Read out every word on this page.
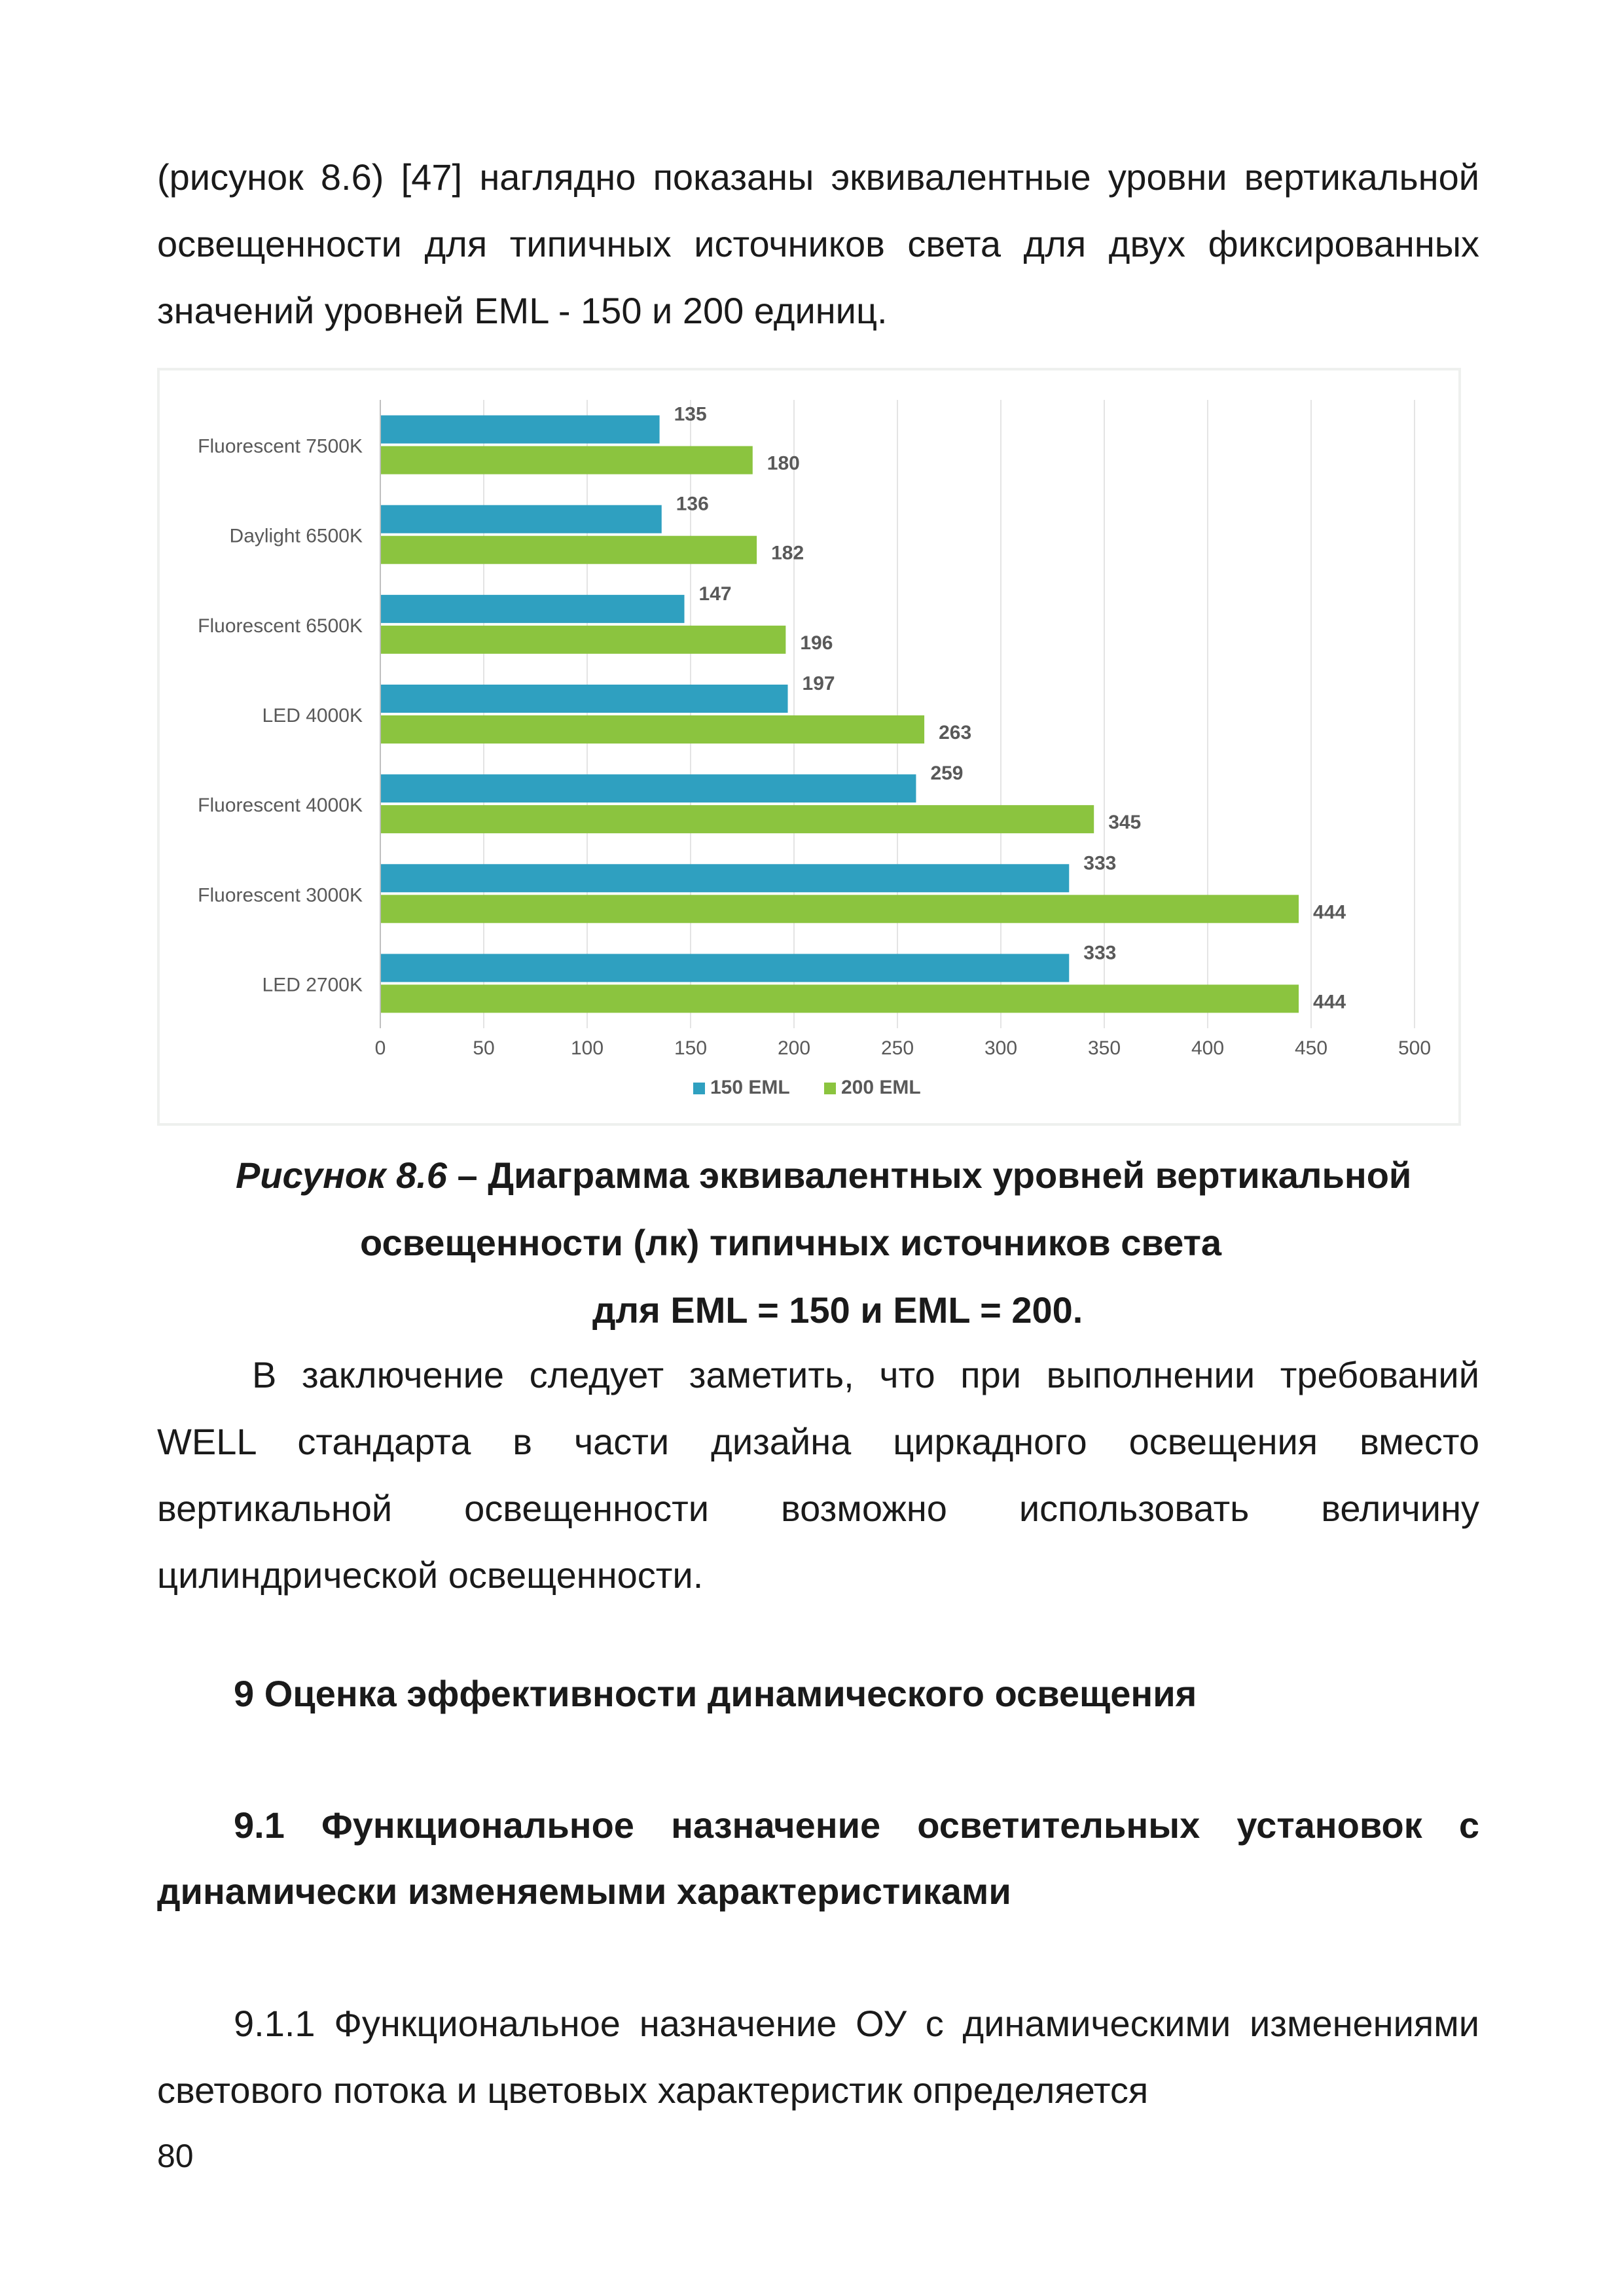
(рисунок 8.6) [47] наглядно показаны эквивалентные уровни вертикальной
освещенности для типичных источников света для двух фиксированных
значений уровней EML - 150 и 200 единиц.
0	50	100	150	200	250	300	350	400	450	500
Fluorescent 7500K
135
180
Daylight 6500K
136
182
Fluorescent 6500K
147
196
LED 4000K
197
263
Fluorescent 4000K
259
345
Fluorescent 3000K
333
444
LED 2700K
333
444
150 EML	200 EML
Рисунок 8.6 – Диаграмма эквивалентных уровней вертикальной
освещенности (лк) типичных источников света
для EML = 150 и EML = 200.
В заключение следует заметить, что при выполнении требований
WELL стандарта в части дизайна циркадного освещения вместо
вертикальной освещенности возможно использовать величину
цилиндрической освещенности.
9 Оценка эффективности динамического освещения
9.1 Функциональное назначение осветительных установок с
динамически изменяемыми характеристиками
9.1.1 Функциональное назначение ОУ с динамическими изменениями
светового потока и цветовых характеристик определяется
80
